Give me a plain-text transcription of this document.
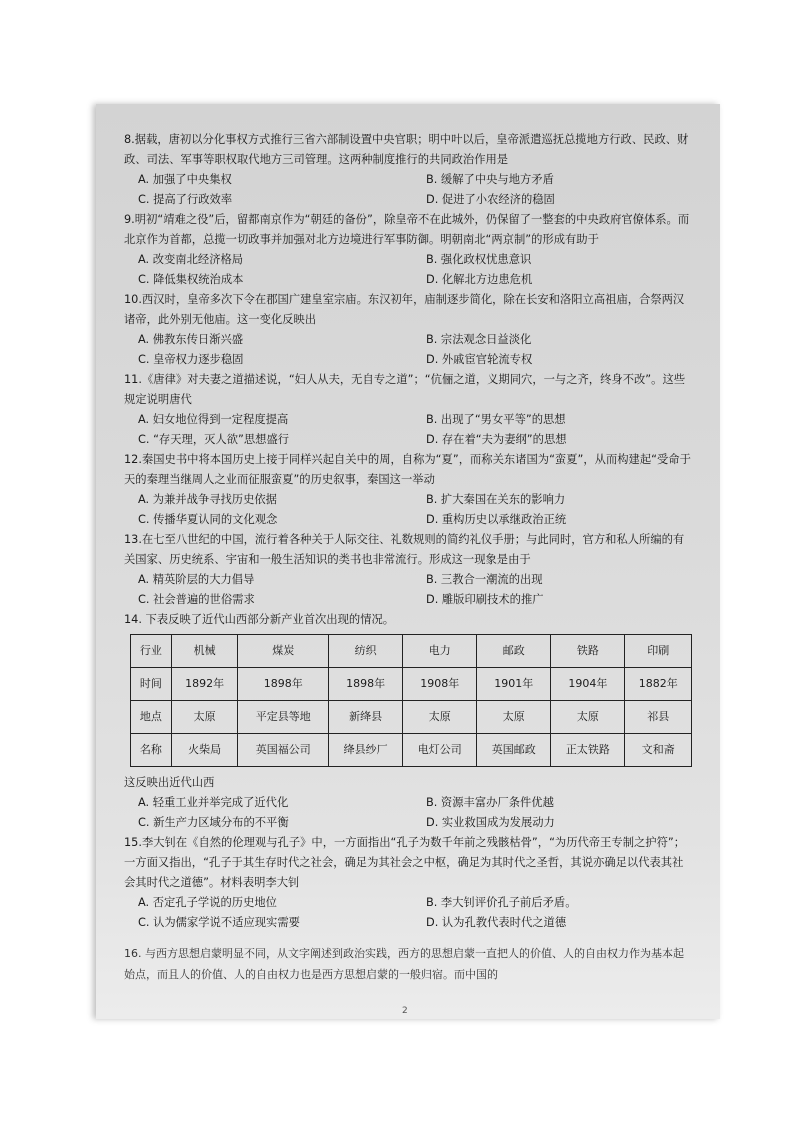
8.据载，唐初以分化事权方式推行三省六部制设置中央官职；明中叶以后，皇帝派遣巡抚总揽地方行政、民政、财政、司法、军事等职权取代地方三司管理。这两种制度推行的共同政治作用是

A. 加强了中央集权	B. 缓解了中央与地方矛盾
C. 提高了行政效率	D. 促进了小农经济的稳固

9.明初“靖难之役”后，留都南京作为“朝廷的备份”，除皇帝不在此城外，仍保留了一整套的中央政府官僚体系。而北京作为首都，总揽一切政事并加强对北方边境进行军事防御。明朝南北“两京制”的形成有助于

A. 改变南北经济格局	B. 强化政权忧患意识
C. 降低集权统治成本	D. 化解北方边患危机

10.西汉时，皇帝多次下令在郡国广建皇室宗庙。东汉初年，庙制逐步简化，除在长安和洛阳立高祖庙，合祭两汉诸帝，此外别无他庙。这一变化反映出

A. 佛教东传日渐兴盛	B. 宗法观念日益淡化
C. 皇帝权力逐步稳固	D. 外戚宦官轮流专权

11.《唐律》对夫妻之道描述说，“妇人从夫，无自专之道”；“伉俪之道，义期同穴，一与之齐，终身不改”。这些规定说明唐代

A. 妇女地位得到一定程度提高	B. 出现了“男女平等”的思想
C. “存天理，灭人欲”思想盛行	D. 存在着“夫为妻纲”的思想

12.秦国史书中将本国历史上接于同样兴起自关中的周，自称为“夏”，而称关东诸国为“蛮夏”，从而构建起“受命于天的秦理当继周人之业而征服蛮夏”的历史叙事，秦国这一举动

A. 为兼并战争寻找历史依据	B. 扩大秦国在关东的影响力
C. 传播华夏认同的文化观念	D. 重构历史以承继政治正统

13.在七至八世纪的中国，流行着各种关于人际交往、礼数规则的简约礼仪手册；与此同时，官方和私人所编的有关国家、历史统系、宇宙和一般生活知识的类书也非常流行。形成这一现象是由于

A. 精英阶层的大力倡导	B. 三教合一潮流的出现
C. 社会普遍的世俗需求	D. 雕版印刷技术的推广

14. 下表反映了近代山西部分新产业首次出现的情况。

行业	机械	煤炭	纺织	电力	邮政	铁路	印刷
时间	1892年	1898年	1898年	1908年	1901年	1904年	1882年
地点	太原	平定县等地	新绛县	太原	太原	太原	祁县
名称	火柴局	英国福公司	绛县纱厂	电灯公司	英国邮政	正太铁路	文和斋

这反映出近代山西

A. 轻重工业并举完成了近代化	B. 资源丰富办厂条件优越
C. 新生产力区域分布的不平衡	D. 实业救国成为发展动力

15.李大钊在《自然的伦理观与孔子》中，一方面指出“孔子为数千年前之残骸枯骨”，“为历代帝王专制之护符”；一方面又指出，“孔子于其生存时代之社会，确足为其社会之中枢，确足为其时代之圣哲，其说亦确足以代表其社会其时代之道德”。材料表明李大钊

A. 否定孔子学说的历史地位	B. 李大钊评价孔子前后矛盾。
C. 认为儒家学说不适应现实需要	D. 认为孔教代表时代之道德

16. 与西方思想启蒙明显不同，从文字阐述到政治实践，西方的思想启蒙一直把人的价值、人的自由权力作为基本起始点，而且人的价值、人的自由权力也是西方思想启蒙的一般归宿。而中国的

2
